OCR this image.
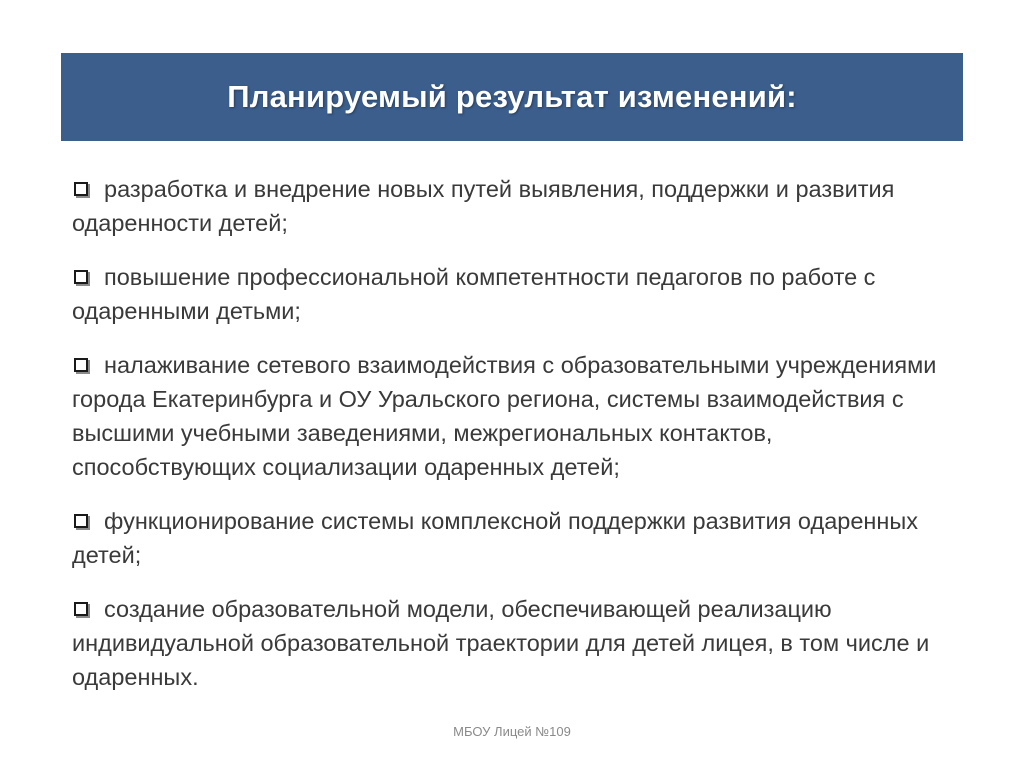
Планируемый результат изменений:
разработка и внедрение новых путей выявления, поддержки и развития одаренности детей;
повышение профессиональной компетентности педагогов по работе с одаренными детьми;
налаживание сетевого взаимодействия с образовательными учреждениями города Екатеринбурга и ОУ Уральского региона, системы взаимодействия с высшими учебными заведениями, межрегиональных контактов, способствующих социализации одаренных детей;
функционирование системы комплексной поддержки развития одаренных детей;
создание образовательной модели, обеспечивающей реализацию индивидуальной образовательной траектории для детей лицея, в том числе и одаренных.
МБОУ Лицей №109
